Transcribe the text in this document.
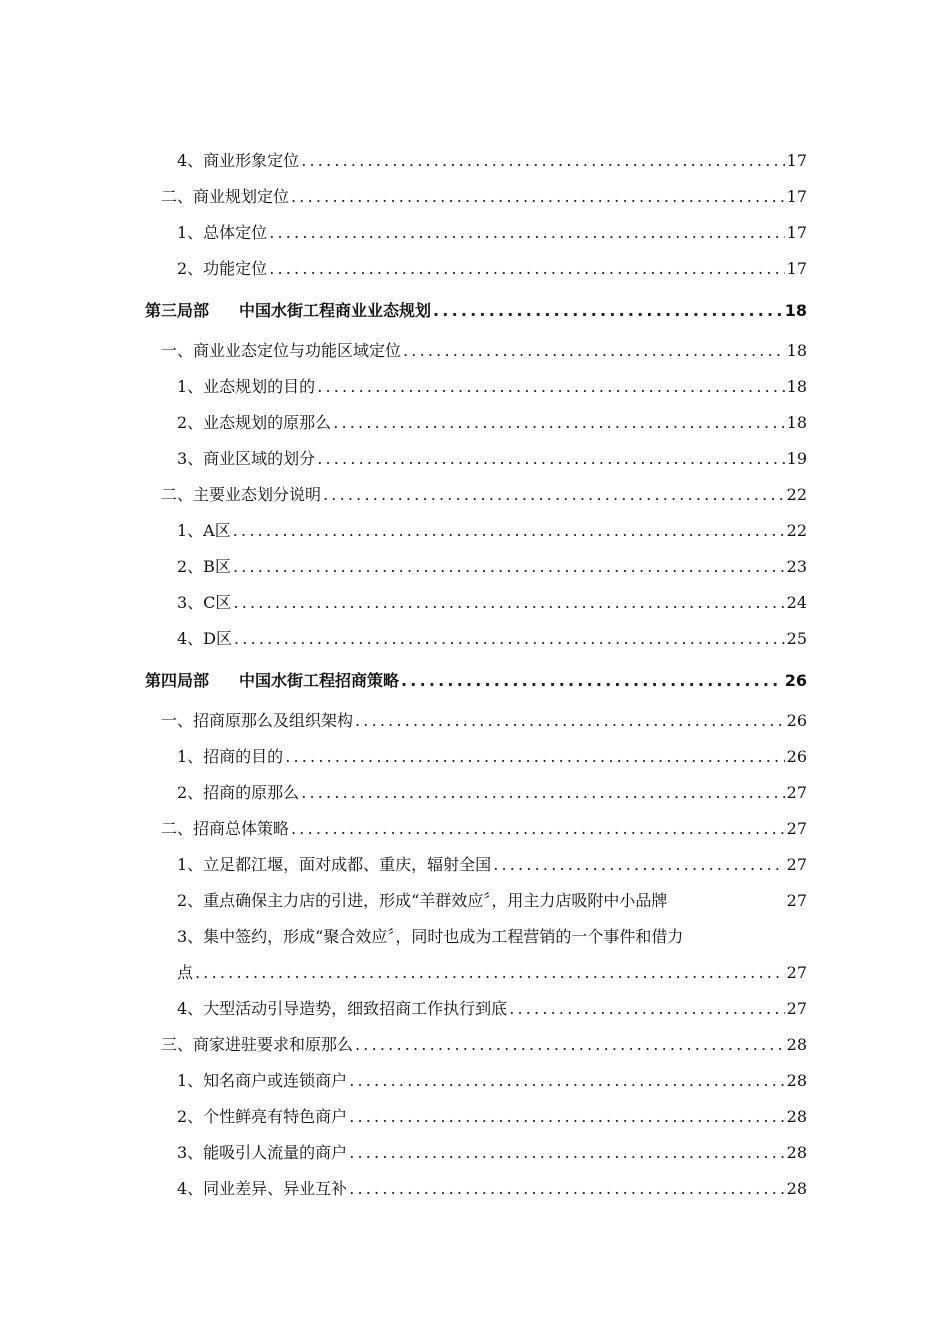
4、商业形象定位 .....	17
二、商业规划定位 .....	17
1、总体定位 .....	17
2、功能定位 .....	17
第三局部 中国水街工程商业业态规划 .....	18
一、商业业态定位与功能区域定位 .....	18
1、业态规划的目的 .....	18
2、业态规划的原那么 .....	18
3、商业区域的划分 .....	19
二、主要业态划分说明 .....	22
1、A区 .....	22
2、B区 .....	23
3、C区 .....	24
4、D区 .....	25
第四局部 中国水街工程招商策略 .....	26
一、招商原那么及组织架构 .....	26
1、招商的目的 .....	26
2、招商的原那么 .....	27
二、招商总体策略 .....	27
1、立足都江堰，面对成都、重庆，辐射全国 .....	27
2、重点确保主力店的引进，形成“羊群效应〞，用主力店吸附中小品牌	27
3、集中签约，形成“聚合效应〞，同时也成为工程营销的一个事件和借力
点 .....	27
4、大型活动引导造势，细致招商工作执行到底 .....	27
三、商家进驻要求和原那么 .....	28
1、知名商户或连锁商户 .....	28
2、个性鲜亮有特色商户 .....	28
3、能吸引人流量的商户 .....	28
4、同业差异、异业互补 .....	28
